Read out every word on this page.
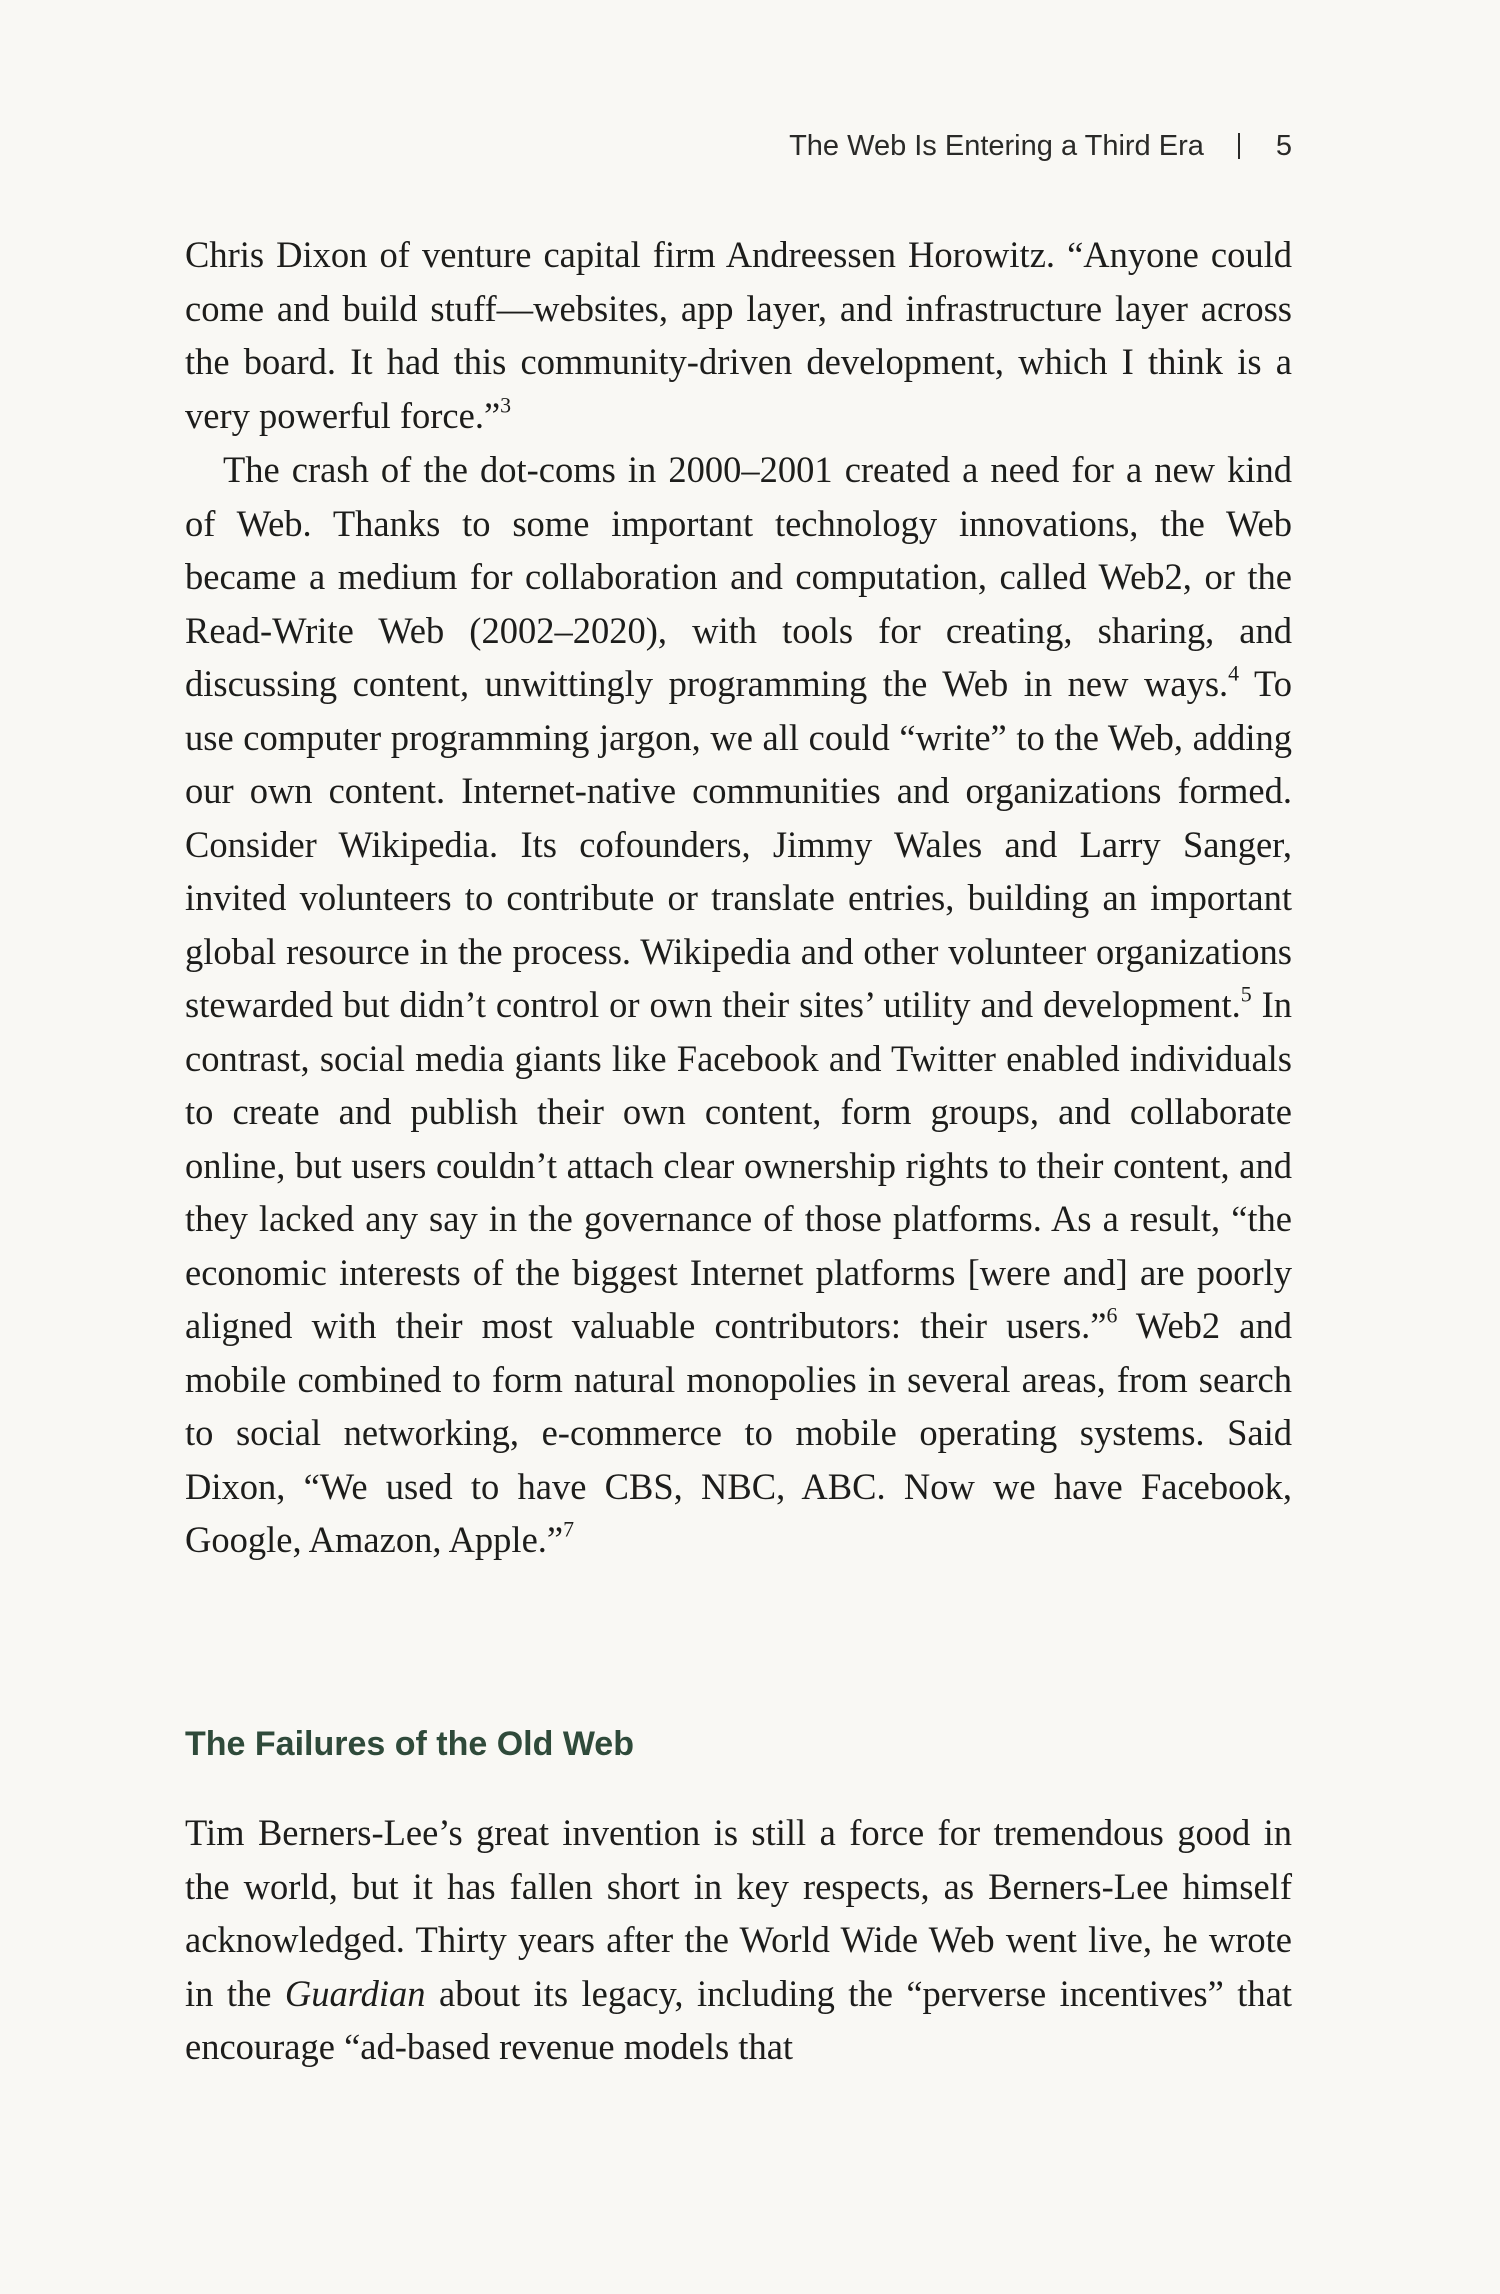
The Web Is Entering a Third Era 5

Chris Dixon of venture capital firm Andreessen Horowitz. “Anyone could come and build stuff—websites, app layer, and infrastructure layer across the board. It had this community-driven development, which I think is a very powerful force.”$^3$

The crash of the dot-coms in 2000–2001 created a need for a new kind of Web. Thanks to some important technology innovations, the Web became a medium for collaboration and computation, called Web2, or the Read-Write Web (2002–2020), with tools for creating, sharing, and discussing content, unwittingly programming the Web in new ways.$^4$ To use computer programming jargon, we all could “write” to the Web, adding our own content. Internet-native communities and organizations formed. Consider Wikipedia. Its cofounders, Jimmy Wales and Larry Sanger, invited volunteers to contribute or translate entries, building an important global resource in the process. Wikipedia and other volunteer organizations stewarded but didn’t control or own their sites’ utility and development.$^5$ In contrast, social media giants like Facebook and Twitter enabled individuals to create and publish their own content, form groups, and collaborate online, but users couldn’t attach clear ownership rights to their content, and they lacked any say in the governance of those platforms. As a result, “the economic interests of the biggest Internet platforms [were and] are poorly aligned with their most valuable contributors: their users.”$^6$ Web2 and mobile combined to form natural monopolies in several areas, from search to social networking, e-commerce to mobile operating systems. Said Dixon, “We used to have CBS, NBC, ABC. Now we have Facebook, Google, Amazon, Apple.”$^7$

The Failures of the Old Web

Tim Berners-Lee’s great invention is still a force for tremendous good in the world, but it has fallen short in key respects, as Berners-Lee himself acknowledged. Thirty years after the World Wide Web went live, he wrote in the Guardian about its legacy, including the “perverse incentives” that encourage “ad-based revenue models that
